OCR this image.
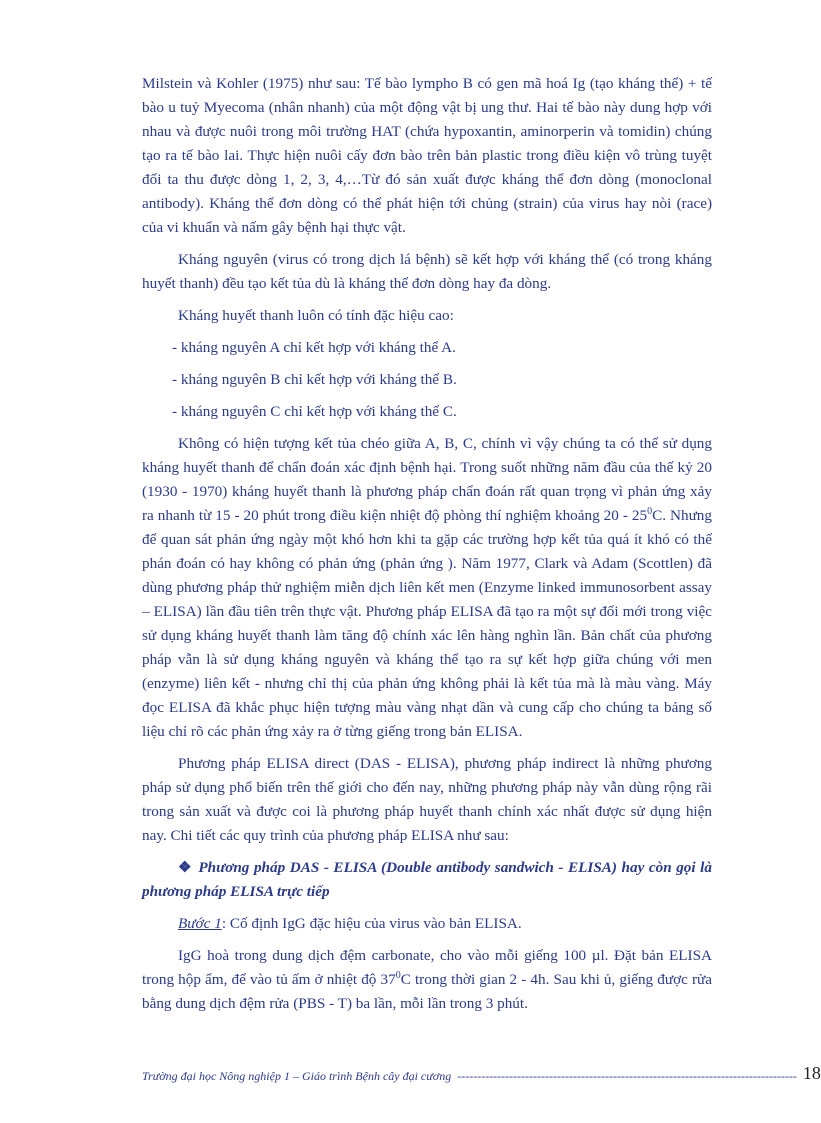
Milstein và Kohler (1975) như sau: Tế bào lympho B có gen mã hoá Ig (tạo kháng thể) + tế bào u tuỷ Myecoma (nhân nhanh) của một động vật bị ung thư. Hai tế bào này dung hợp với nhau và được nuôi trong môi trường HAT (chứa hypoxantin, aminorperin và tomidin) chúng tạo ra tế bào lai. Thực hiện nuôi cấy đơn bào trên bản plastic trong điều kiện vô trùng tuyệt đối ta thu được dòng 1, 2, 3, 4,…Từ đó sản xuất được kháng thể đơn dòng (monoclonal antibody). Kháng thể đơn dòng có thể phát hiện tới chủng (strain) của virus hay nòi (race) của vi khuẩn và nấm gây bệnh hại thực vật.

Kháng nguyên (virus có trong dịch lá bệnh) sẽ kết hợp với kháng thể (có trong kháng huyết thanh) đều tạo kết tủa dù là kháng thể đơn dòng hay đa dòng.

Kháng huyết thanh luôn có tính đặc hiệu cao:

- kháng nguyên A chỉ kết hợp với kháng thể A.

- kháng nguyên B chỉ kết hợp với kháng thể B.

- kháng nguyên C chỉ kết hợp với kháng thể C.

Không có hiện tượng kết tủa chéo giữa A, B, C, chính vì vậy chúng ta có thể sử dụng kháng huyết thanh để chẩn đoán xác định bệnh hại. Trong suốt những năm đầu của thế kỷ 20 (1930 - 1970) kháng huyết thanh là phương pháp chẩn đoán rất quan trọng vì phản ứng xảy ra nhanh từ 15 - 20 phút trong điều kiện nhiệt độ phòng thí nghiệm khoảng $20 - 25^0C$. Nhưng để quan sát phản ứng ngày một khó hơn khi ta gặp các trường hợp kết tủa quá ít khó có thể phán đoán có hay không có phản ứng (phản ứng ). Năm 1977, Clark và Adam (Scottlen) đã dùng phương pháp thử nghiệm miễn dịch liên kết men (Enzyme linked immunosorbent assay – ELISA) lần đầu tiên trên thực vật. Phương pháp ELISA đã tạo ra một sự đổi mới trong việc sử dụng kháng huyết thanh làm tăng độ chính xác lên hàng nghìn lần. Bản chất của phương pháp vẫn là sử dụng kháng nguyên và kháng thể tạo ra sự kết hợp giữa chúng với men (enzyme) liên kết - nhưng chỉ thị của phản ứng không phải là kết tủa mà là màu vàng. Máy đọc ELISA đã khắc phục hiện tượng màu vàng nhạt dần và cung cấp cho chúng ta bảng số liệu chỉ rõ các phản ứng xảy ra ở từng giếng trong bản ELISA.

Phương pháp ELISA direct (DAS - ELISA), phương pháp indirect là những phương pháp sử dụng phổ biến trên thế giới cho đến nay, những phương pháp này vẫn dùng rộng rãi trong sản xuất và được coi là phương pháp huyết thanh chính xác nhất được sử dụng hiện nay. Chi tiết các quy trình của phương pháp ELISA như sau:

❖ Phương pháp DAS - ELISA (Double antibody sandwich - ELISA) hay còn gọi là phương pháp ELISA trực tiếp

Bước 1: Cố định IgG đặc hiệu của virus vào bản ELISA.

IgG hoà trong dung dịch đệm carbonate, cho vào mỗi giếng 100 µl. Đặt bản ELISA trong hộp ẩm, để vào tủ ấm ở nhiệt độ $37^0C$ trong thời gian 2 - 4h. Sau khi ủ, giếng được rửa bằng dung dịch đệm rửa (PBS - T) ba lần, mỗi lần trong 3 phút.

Trường đại học Nông nghiệp 1 – Giáo trình Bệnh cây đại cương ------------------------------------------------------------------------------------- 18
